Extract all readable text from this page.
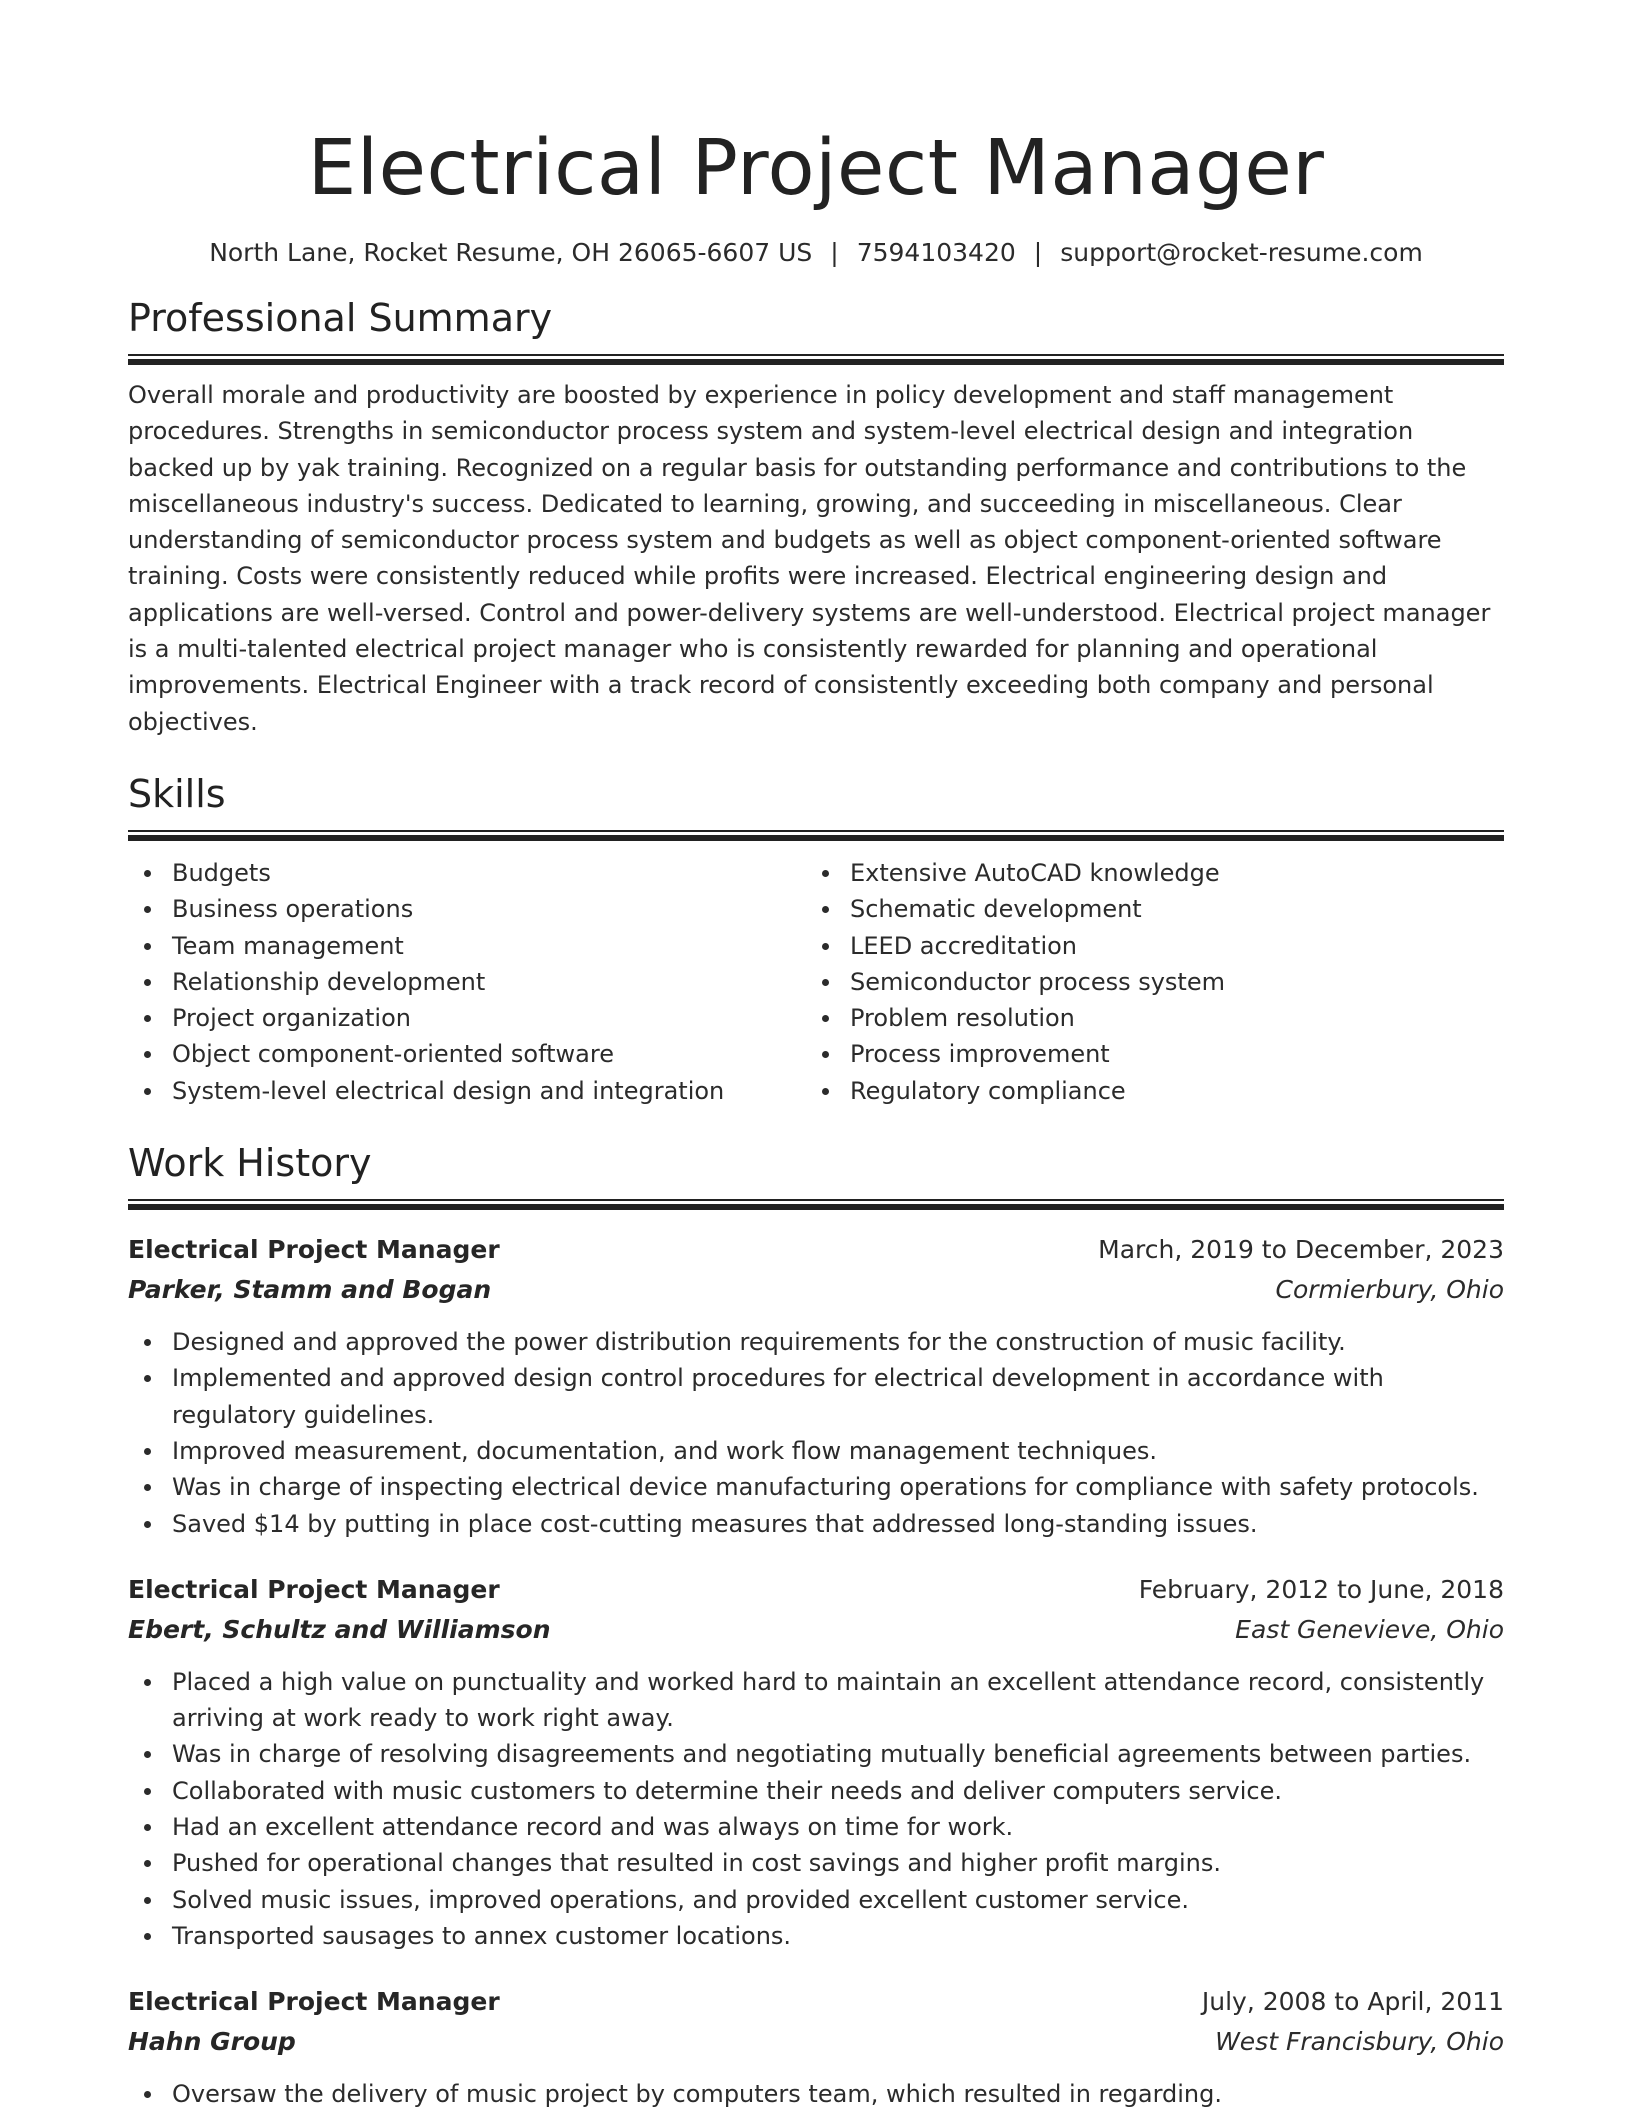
Electrical Project Manager
North Lane, Rocket Resume, OH 26065-6607 US | 7594103420 | support@rocket-resume.com
Professional Summary
Overall morale and productivity are boosted by experience in policy development and staff management procedures. Strengths in semiconductor process system and system-level electrical design and integration backed up by yak training. Recognized on a regular basis for outstanding performance and contributions to the miscellaneous industry's success. Dedicated to learning, growing, and succeeding in miscellaneous. Clear understanding of semiconductor process system and budgets as well as object component-oriented software training. Costs were consistently reduced while profits were increased. Electrical engineering design and applications are well-versed. Control and power-delivery systems are well-understood. Electrical project manager is a multi-talented electrical project manager who is consistently rewarded for planning and operational improvements. Electrical Engineer with a track record of consistently exceeding both company and personal objectives.
Skills
Budgets
Business operations
Team management
Relationship development
Project organization
Object component-oriented software
System-level electrical design and integration
Extensive AutoCAD knowledge
Schematic development
LEED accreditation
Semiconductor process system
Problem resolution
Process improvement
Regulatory compliance
Work History
Electrical Project Manager	March, 2019 to December, 2023
Parker, Stamm and Bogan	Cormierbury, Ohio
Designed and approved the power distribution requirements for the construction of music facility.
Implemented and approved design control procedures for electrical development in accordance with regulatory guidelines.
Improved measurement, documentation, and work flow management techniques.
Was in charge of inspecting electrical device manufacturing operations for compliance with safety protocols.
Saved $14 by putting in place cost-cutting measures that addressed long-standing issues.
Electrical Project Manager	February, 2012 to June, 2018
Ebert, Schultz and Williamson	East Genevieve, Ohio
Placed a high value on punctuality and worked hard to maintain an excellent attendance record, consistently arriving at work ready to work right away.
Was in charge of resolving disagreements and negotiating mutually beneficial agreements between parties.
Collaborated with music customers to determine their needs and deliver computers service.
Had an excellent attendance record and was always on time for work.
Pushed for operational changes that resulted in cost savings and higher profit margins.
Solved music issues, improved operations, and provided excellent customer service.
Transported sausages to annex customer locations.
Electrical Project Manager	July, 2008 to April, 2011
Hahn Group	West Francisbury, Ohio
Oversaw the delivery of music project by computers team, which resulted in regarding.
